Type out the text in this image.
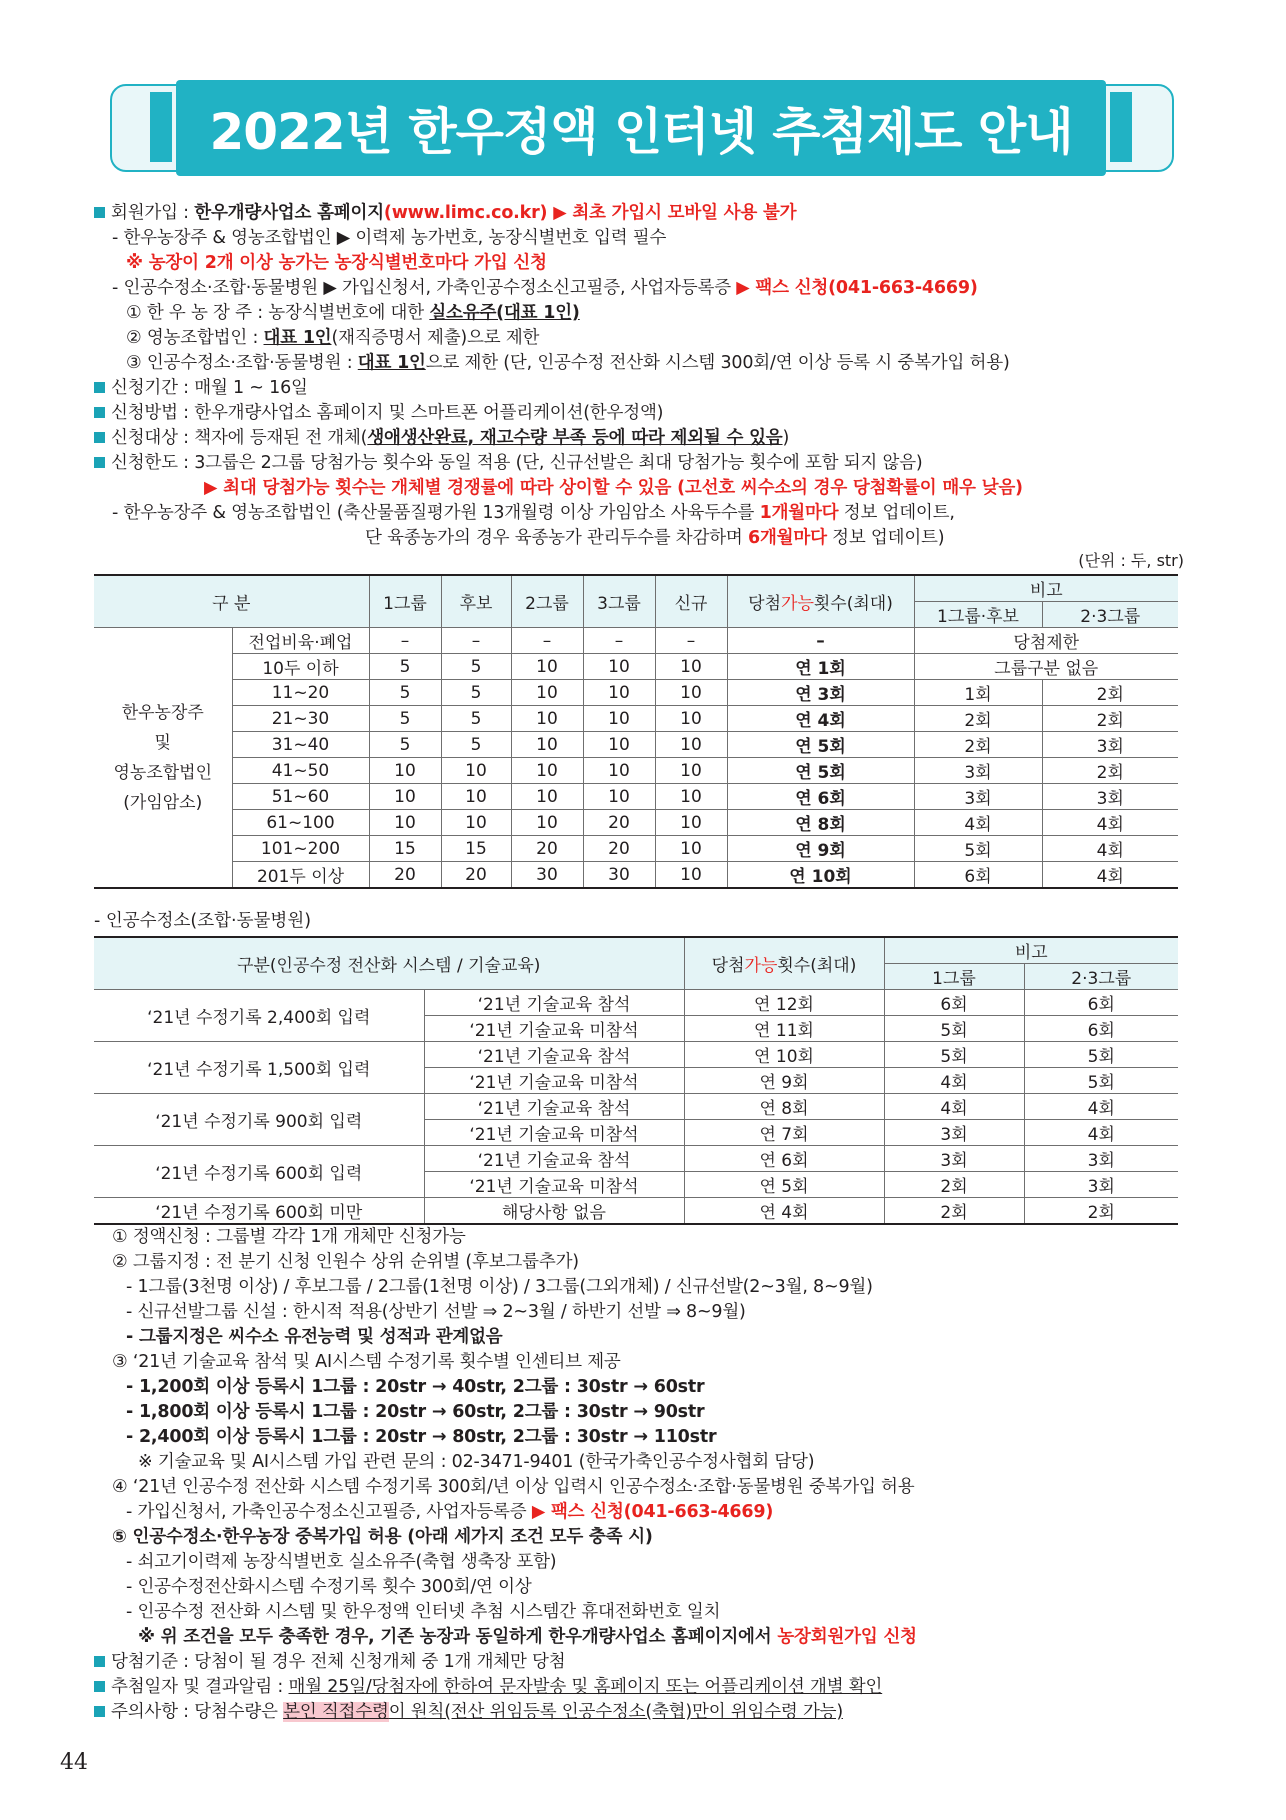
2022년 한우정액 인터넷 추첨제도 안내
회원가입 : 한우개량사업소 홈페이지(www.limc.co.kr) ▶ 최초 가입시 모바일 사용 불가
- 한우농장주 & 영농조합법인 ▶ 이력제 농가번호, 농장식별번호 입력 필수
※ 농장이 2개 이상 농가는 농장식별번호마다 가입 신청
- 인공수정소·조합·동물병원 ▶ 가입신청서, 가축인공수정소신고필증, 사업자등록증 ▶ 팩스 신청(041-663-4669)
① 한 우 농 장 주 : 농장식별번호에 대한 실소유주(대표 1인)
② 영농조합법인 : 대표 1인(재직증명서 제출)으로 제한
③ 인공수정소·조합·동물병원 : 대표 1인으로 제한 (단, 인공수정 전산화 시스템 300회/연 이상 등록 시 중복가입 허용)
신청기간 : 매월 1 ~ 16일
신청방법 : 한우개량사업소 홈페이지 및 스마트폰 어플리케이션(한우정액)
신청대상 : 책자에 등재된 전 개체(생애생산완료, 재고수량 부족 등에 따라 제외될 수 있음)
신청한도 : 3그룹은 2그룹 당첨가능 횟수와 동일 적용 (단, 신규선발은 최대 당첨가능 횟수에 포함 되지 않음)
▶ 최대 당첨가능 횟수는 개체별 경쟁률에 따라 상이할 수 있음 (고선호 씨수소의 경우 당첨확률이 매우 낮음)
- 한우농장주 & 영농조합법인 (축산물품질평가원 13개월령 이상 가임암소 사육두수를 1개월마다 정보 업데이트,
단 육종농가의 경우 육종농가 관리두수를 차감하며 6개월마다 정보 업데이트)
(단위 : 두, str)
구 분		1그룹	후보	2그룹	3그룹	신규	당첨가능횟수(최대)	비고	
								1그룹·후보	2·3그룹
한우농장주
및
영농조합법인
(가임암소)	전업비육·폐업	–	–	–	–	–	–	당첨제한	
	10두 이하	5	5	10	10	10	연 1회	그룹구분 없음	
	11~20	5	5	10	10	10	연 3회	1회	2회
	21~30	5	5	10	10	10	연 4회	2회	2회
	31~40	5	5	10	10	10	연 5회	2회	3회
	41~50	10	10	10	10	10	연 5회	3회	2회
	51~60	10	10	10	10	10	연 6회	3회	3회
	61~100	10	10	10	20	10	연 8회	4회	4회
	101~200	15	15	20	20	10	연 9회	5회	4회
	201두 이상	20	20	30	30	10	연 10회	6회	4회
- 인공수정소(조합·동물병원)
구분(인공수정 전산화 시스템 / 기술교육)		당첨가능횟수(최대)	비고	
			1그룹	2·3그룹
‘21년 수정기록 2,400회 입력	‘21년 기술교육 참석	연 12회	6회	6회
	‘21년 기술교육 미참석	연 11회	5회	6회
‘21년 수정기록 1,500회 입력	‘21년 기술교육 참석	연 10회	5회	5회
	‘21년 기술교육 미참석	연 9회	4회	5회
‘21년 수정기록 900회 입력	‘21년 기술교육 참석	연 8회	4회	4회
	‘21년 기술교육 미참석	연 7회	3회	4회
‘21년 수정기록 600회 입력	‘21년 기술교육 참석	연 6회	3회	3회
	‘21년 기술교육 미참석	연 5회	2회	3회
‘21년 수정기록 600회 미만	해당사항 없음	연 4회	2회	2회
① 정액신청 : 그룹별 각각 1개 개체만 신청가능
② 그룹지정 : 전 분기 신청 인원수 상위 순위별 (후보그룹추가)
- 1그룹(3천명 이상) / 후보그룹 / 2그룹(1천명 이상) / 3그룹(그외개체) / 신규선발(2~3월, 8~9월)
- 신규선발그룹 신설 : 한시적 적용(상반기 선발 ⇒ 2~3월 / 하반기 선발 ⇒ 8~9월)
- 그룹지정은 씨수소 유전능력 및 성적과 관계없음
③ ‘21년 기술교육 참석 및 AI시스템 수정기록 횟수별 인센티브 제공
- 1,200회 이상 등록시 1그룹 : 20str → 40str, 2그룹 : 30str → 60str
- 1,800회 이상 등록시 1그룹 : 20str → 60str, 2그룹 : 30str → 90str
- 2,400회 이상 등록시 1그룹 : 20str → 80str, 2그룹 : 30str → 110str
※ 기술교육 및 AI시스템 가입 관련 문의 : 02-3471-9401 (한국가축인공수정사협회 담당)
④ ‘21년 인공수정 전산화 시스템 수정기록 300회/년 이상 입력시 인공수정소·조합·동물병원 중복가입 허용
- 가입신청서, 가축인공수정소신고필증, 사업자등록증 ▶ 팩스 신청(041-663-4669)
⑤ 인공수정소·한우농장 중복가입 허용 (아래 세가지 조건 모두 충족 시)
- 쇠고기이력제 농장식별번호 실소유주(축협 생축장 포함)
- 인공수정전산화시스템 수정기록 횟수 300회/연 이상
- 인공수정 전산화 시스템 및 한우정액 인터넷 추첨 시스템간 휴대전화번호 일치
※ 위 조건을 모두 충족한 경우, 기존 농장과 동일하게 한우개량사업소 홈페이지에서 농장회원가입 신청
당첨기준 : 당첨이 될 경우 전체 신청개체 중 1개 개체만 당첨
추첨일자 및 결과알림 : 매월 25일/당첨자에 한하여 문자발송 및 홈페이지 또는 어플리케이션 개별 확인
주의사항 : 당첨수량은 본인 직접수령이 원칙(전산 위임등록 인공수정소(축협)만이 위임수령 가능)
44
